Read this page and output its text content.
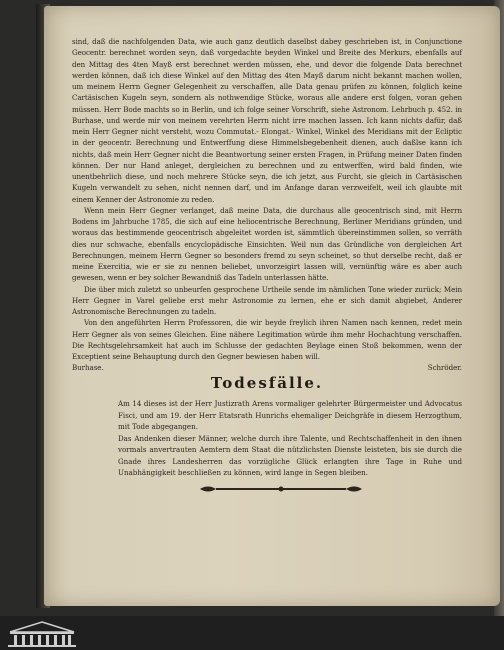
sind, daß die nachfolgenden Data, wie auch ganz deutlich daselbst dabey geschrieben ist, in Conjunctione Geocentr. berechnet worden seyn, daß vorgedachte beyden Winkel und Breite des Merkurs, ebenfalls auf den Mittag des 4ten Mayß erst berechnet werden müssen, ehe, und devor die folgende Data berechnet werden können, daß ich diese Winkel auf den Mittag des 4ten Mayß darum nicht bekannt machen wollen, um meinem Herrn Gegner Gelegenheit zu verschaffen, alle Data genau prüfen zu können, folglich keine Cartäsischen Kugeln seyn, sondern als nothwendige Stücke, woraus alle andere erst folgen, voran gehen müssen. Herr Bode machts so in Berlin, und ich folge seiner Vorschrift, siehe Astronom. Lehrbuch p. 452. in Burhase, und werde mir von meinem verehrten Herrn nicht irre machen lassen. Ich kann nichts dafür, daß mein Herr Gegner nicht versteht, wozu Commutat.- Elongat.- Winkel, Winkel des Meridians mit der Ecliptic in der geocentr. Berechnung und Entwerffung diese Himmelsbegebenheit dienen, auch daßlse kann ich nichts, daß mein Herr Gegner nicht die Beantwortung seiner ersten Fragen, in Prüfung meiner Daten finden können. Der nur Hand anleget, dergleichen zu berechnen und zu entwerffen, wird bald finden, wie unentbehrlich diese, und noch mehrere Stücke seyn, die ich jetzt, aus Furcht, sie gleich in Cartäsischen Kugeln verwandelt zu sehen, nicht nennen darf, und im Anfange daran verzweifelt, weil ich glaubte mit einem Kenner der Astronomie zu reden.

Wenn mein Herr Gegner verlanget, daß meine Data, die durchaus alle geocentrisch sind, mit Herrn Bodens im Jahrbuche 1785, die sich auf eine heliocentrische Berechnung, Berliner Meridians gründen, und woraus das bestimmende geocentrisch abgeleitet worden ist, sämmtlich übereinstimmen sollen, so verräth dies nur schwache, ebenfalls encyclopädische Einsichten. Weil nun das Gründliche von dergleichen Art Berechnungen, meinem Herrn Gegner so besonders fremd zu seyn scheinet, so thut derselbe recht, daß er meine Exercitia, wie er sie zu nennen beliebet, unvorzeigirt lassen will, vernünftig wäre es aber auch gewesen, wenn er bey solcher Bewandniß das Tadeln unterlassen hätte.

Die über mich zuletzt so unbeurfen gesprochene Urtheile sende im nämlichen Tone wieder zurück; Mein Herr Gegner in Varel geliebe erst mehr Astronomie zu lernen, ehe er sich damit abgiebet, Anderer Astronomische Berechnungen zu tadeln.

Von den angeführten Herrn Professoren, die wir beyde freylich ihren Namen nach kennen, redet mein Herr Gegner als von seines Gleichen. Eine nähere Legitimation würde ihm mehr Hochachtung verschaffen. Die Rechtsgelehrsamkeit hat auch im Schlusse der gedachten Beylage einen Stoß bekommen, wenn der Exceptient seine Behauptung durch den Gegner bewiesen haben will.

Burhase.	Schröder.
Todesfälle.

Am 14 dieses ist der Herr Justizrath Arens vormaliger gelehrter Bürgermeister und Advocatus Fisci, und am 19. der Herr Etatsrath Hunrichs ehemaliger Deichgräfe in diesem Herzogthum, mit Tode abgegangen.

Das Andenken dieser Männer, welche durch ihre Talente, und Rechtschaffenheit in den ihnen vormals anvertrauten Aemtern dem Staat die nützlichsten Dienste leisteten, bis sie durch die Gnade ihres Landesherren das vorzügliche Glück erlangten ihre Tage in Ruhe und Unabhängigkeit beschließen zu können, wird lange in Segen bleiben.
